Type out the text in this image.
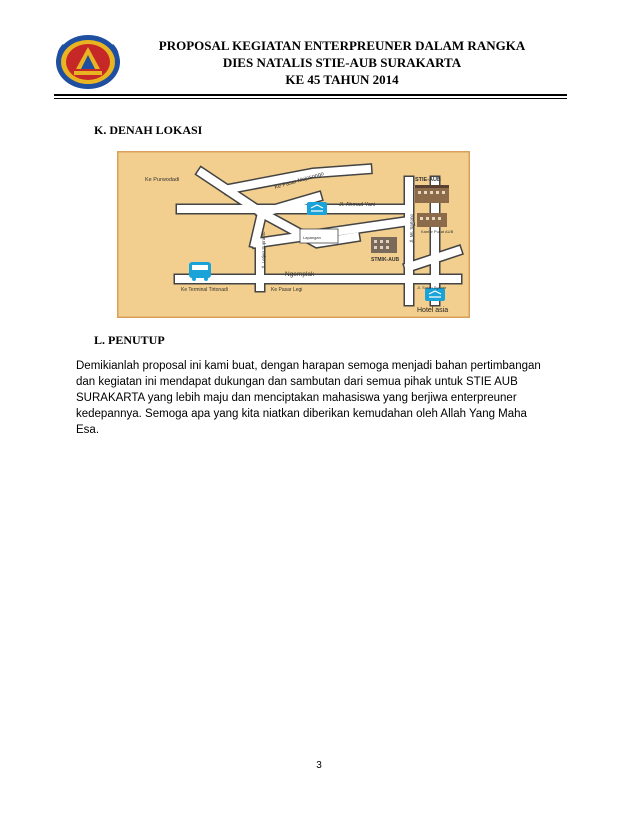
PROPOSAL KEGIATAN ENTERPREUNER DALAM RANGKA
DIES NATALIS STIE-AUB SURAKARTA
KE 45 TAHUN 2014
K. DENAH LOKASI
Ke Purwodadi	Ke Pasar Mojosongo	STIE-AUB
Jl. Ahmad Yani
Lapangan
Jl. Letjen Suprapto
Jl. Mr. Sartono Kantor Pusat AUB
STMIK-AUB
Ngemplak
Ke Terminal Tirtonadi	Ke Pasar Legi	Jl. Sutan Syahrir
Hotel asia
L. PENUTUP
Demikianlah proposal ini kami buat, dengan harapan semoga menjadi bahan pertimbangan
dan kegiatan ini mendapat dukungan dan sambutan dari semua pihak untuk STIE AUB
SURAKARTA yang lebih maju dan menciptakan mahasiswa yang berjiwa enterpreuner
kedepannya. Semoga apa yang kita niatkan diberikan kemudahan oleh Allah Yang Maha
Esa.
3
